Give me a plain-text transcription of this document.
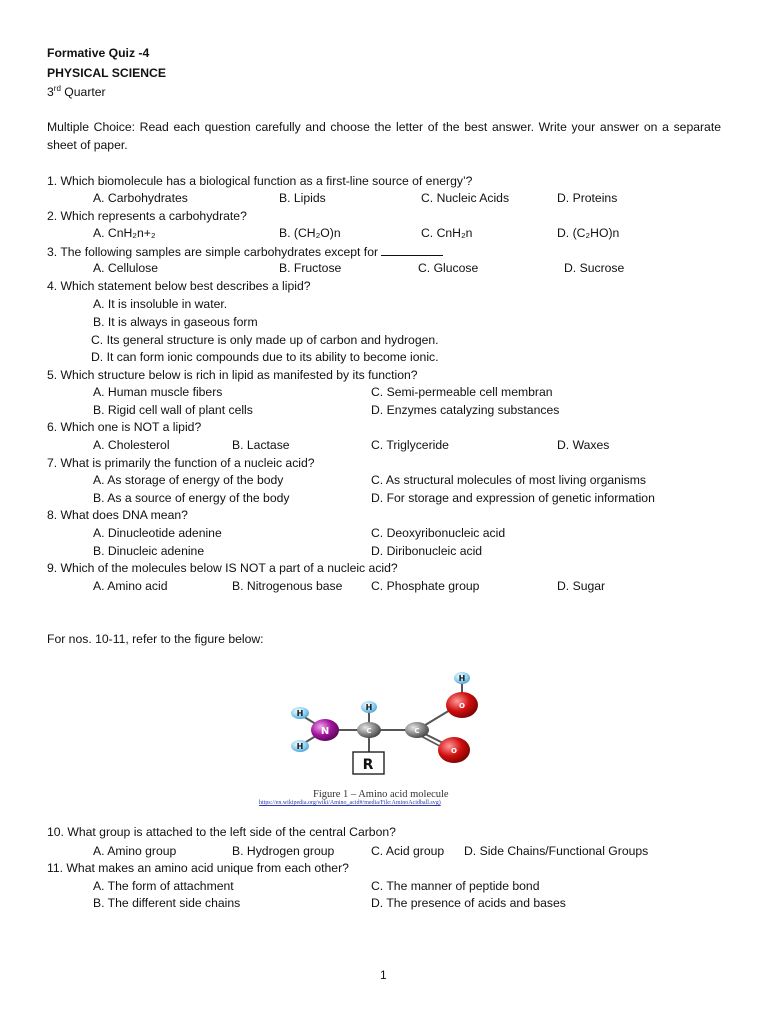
Formative Quiz -4
PHYSICAL SCIENCE
3rd Quarter
Multiple Choice: Read each question carefully and choose the letter of the best answer. Write your answer on a separate sheet of paper.
1. Which biomolecule has a biological function as a first-line source of energy’?
A. Carbohydrates	B. Lipids	C. Nucleic Acids	D. Proteins
2. Which represents a carbohydrate?
A. CnH₂n+₂	B. (CH₂O)n	C. CnH₂n	D. (C₂HO)n
3. The following samples are simple carbohydrates except for
A. Cellulose	B. Fructose	C. Glucose	D. Sucrose
4. Which statement below best describes a lipid?
A. It is insoluble in water.
B. It is always in gaseous form
C. Its general structure is only made up of carbon and hydrogen.
D. It can form ionic compounds due to its ability to become ionic.
5. Which structure below is rich in lipid as manifested by its function?
A. Human muscle fibers	C. Semi-permeable cell membran
B. Rigid cell wall of plant cells	D. Enzymes catalyzing substances
6. Which one is NOT a lipid?
A. Cholesterol	B. Lactase	C. Triglyceride	D. Waxes
7. What is primarily the function of a nucleic acid?
A. As storage of energy of the body	C. As structural molecules of most living organisms
B. As a source of energy of the body	D. For storage and expression of genetic information
8. What does DNA mean?
A. Dinucleotide adenine	C. Deoxyribonucleic acid
B. Dinucleic adenine	D. Diribonucleic acid
9. Which of the molecules below IS NOT a part of a nucleic acid?
A. Amino acid	B. Nitrogenous base C. Phosphate group	D. Sugar
For nos. 10-11, refer to the figure below:
H
O
O
H
H
H
N	C	C
R
Figure 1 – Amino acid molecule
https://en.wikipedia.org/wiki/Amino_acid#/media/File:AminoAcidball.svg)
10. What group is attached to the left side of the central Carbon?
A. Amino group	B. Hydrogen group	C. Acid group D. Side Chains/Functional Groups
11. What makes an amino acid unique from each other?
A. The form of attachment	C. The manner of peptide bond
B. The different side chains	D. The presence of acids and bases
1
